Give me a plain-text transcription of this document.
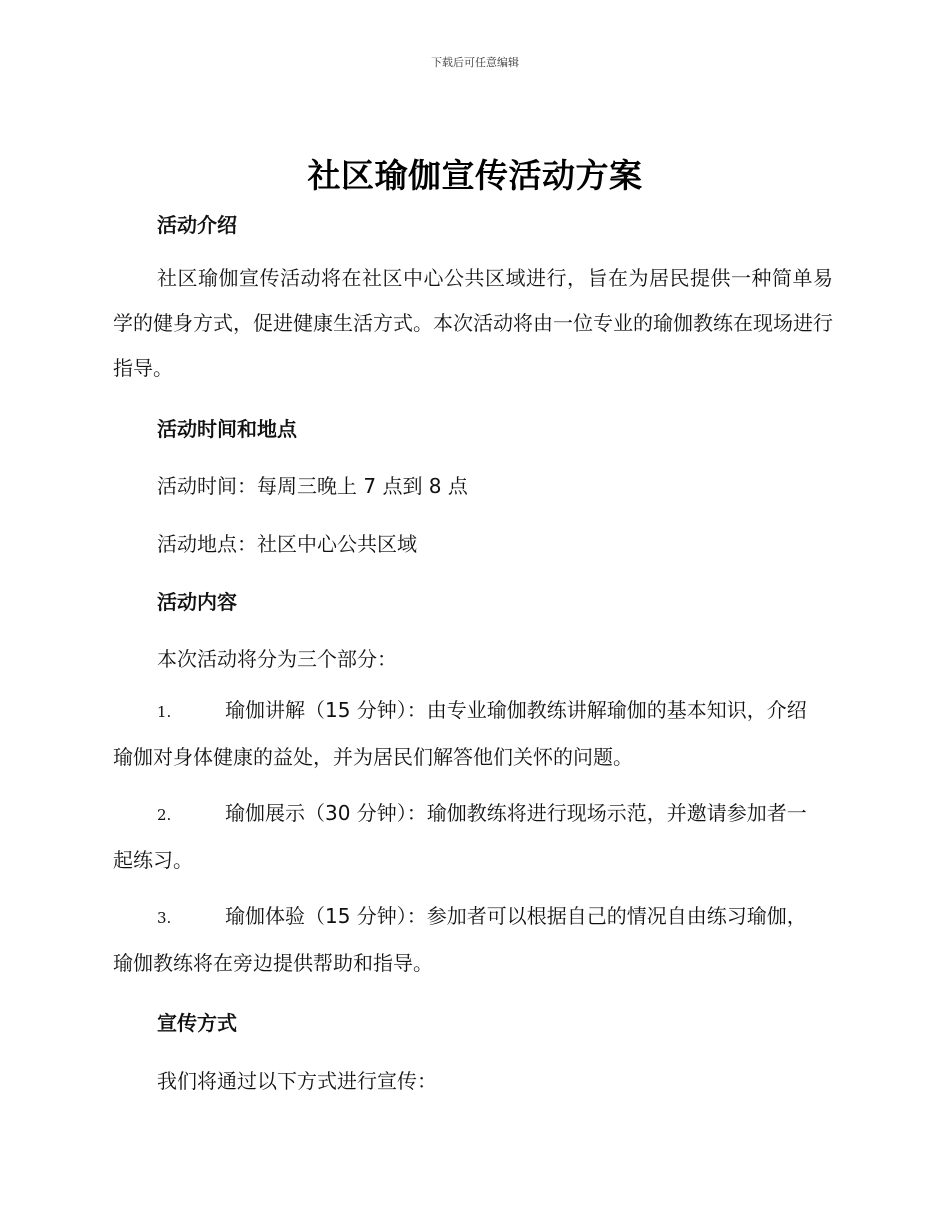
下载后可任意编辑
社区瑜伽宣传活动方案
活动介绍
社区瑜伽宣传活动将在社区中心公共区域进行，旨在为居民提供一种简单易学的健身方式，促进健康生活方式。本次活动将由一位专业的瑜伽教练在现场进行指导。
活动时间和地点
活动时间：每周三晚上 7 点到 8 点
活动地点：社区中心公共区域
活动内容
本次活动将分为三个部分：
1.	瑜伽讲解（15 分钟）：由专业瑜伽教练讲解瑜伽的基本知识，介绍瑜伽对身体健康的益处，并为居民们解答他们关怀的问题。
2.	瑜伽展示（30 分钟）：瑜伽教练将进行现场示范，并邀请参加者一起练习。
3.	瑜伽体验（15 分钟）：参加者可以根据自己的情况自由练习瑜伽，瑜伽教练将在旁边提供帮助和指导。
宣传方式
我们将通过以下方式进行宣传：
